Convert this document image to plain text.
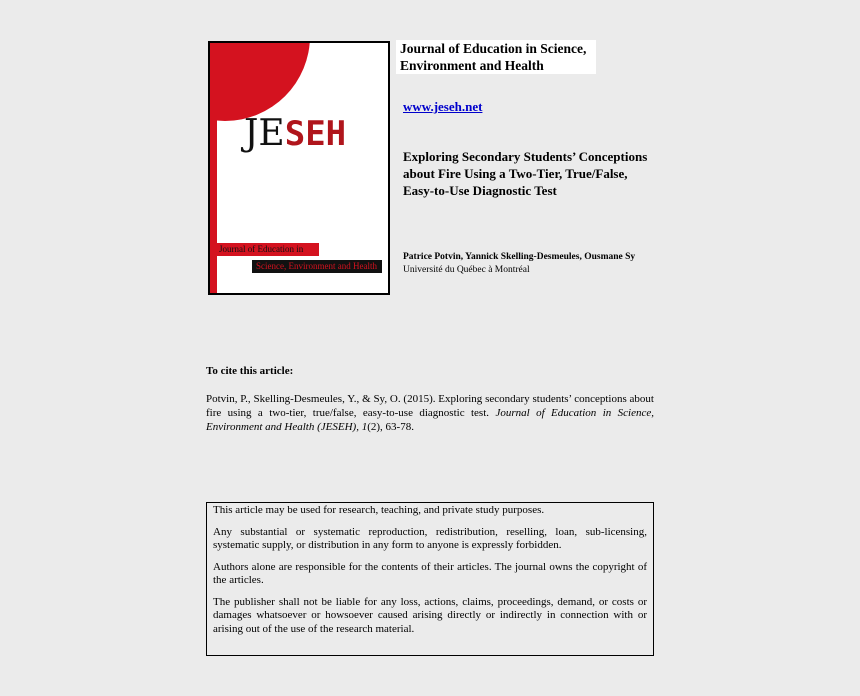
JESEH
Journal of Education in
Science, Environment and Health
Journal of Education in Science,
Environment and Health
www.jeseh.net
Exploring Secondary Students’ Conceptions about Fire Using a Two-Tier, True/False, Easy-to-Use Diagnostic Test
Patrice Potvin, Yannick Skelling-Desmeules, Ousmane Sy
Université du Québec à Montréal
To cite this article:
Potvin, P., Skelling-Desmeules, Y., & Sy, O. (2015). Exploring secondary students’ conceptions about fire using a two-tier, true/false, easy-to-use diagnostic test. Journal of Education in Science, Environment and Health (JESEH), 1(2), 63-78.

This article may be used for research, teaching, and private study purposes.

Any substantial or systematic reproduction, redistribution, reselling, loan, sub-licensing, systematic supply, or distribution in any form to anyone is expressly forbidden.

Authors alone are responsible for the contents of their articles. The journal owns the copyright of the articles.

The publisher shall not be liable for any loss, actions, claims, proceedings, demand, or costs or damages whatsoever or howsoever caused arising directly or indirectly in connection with or arising out of the use of the research material.
